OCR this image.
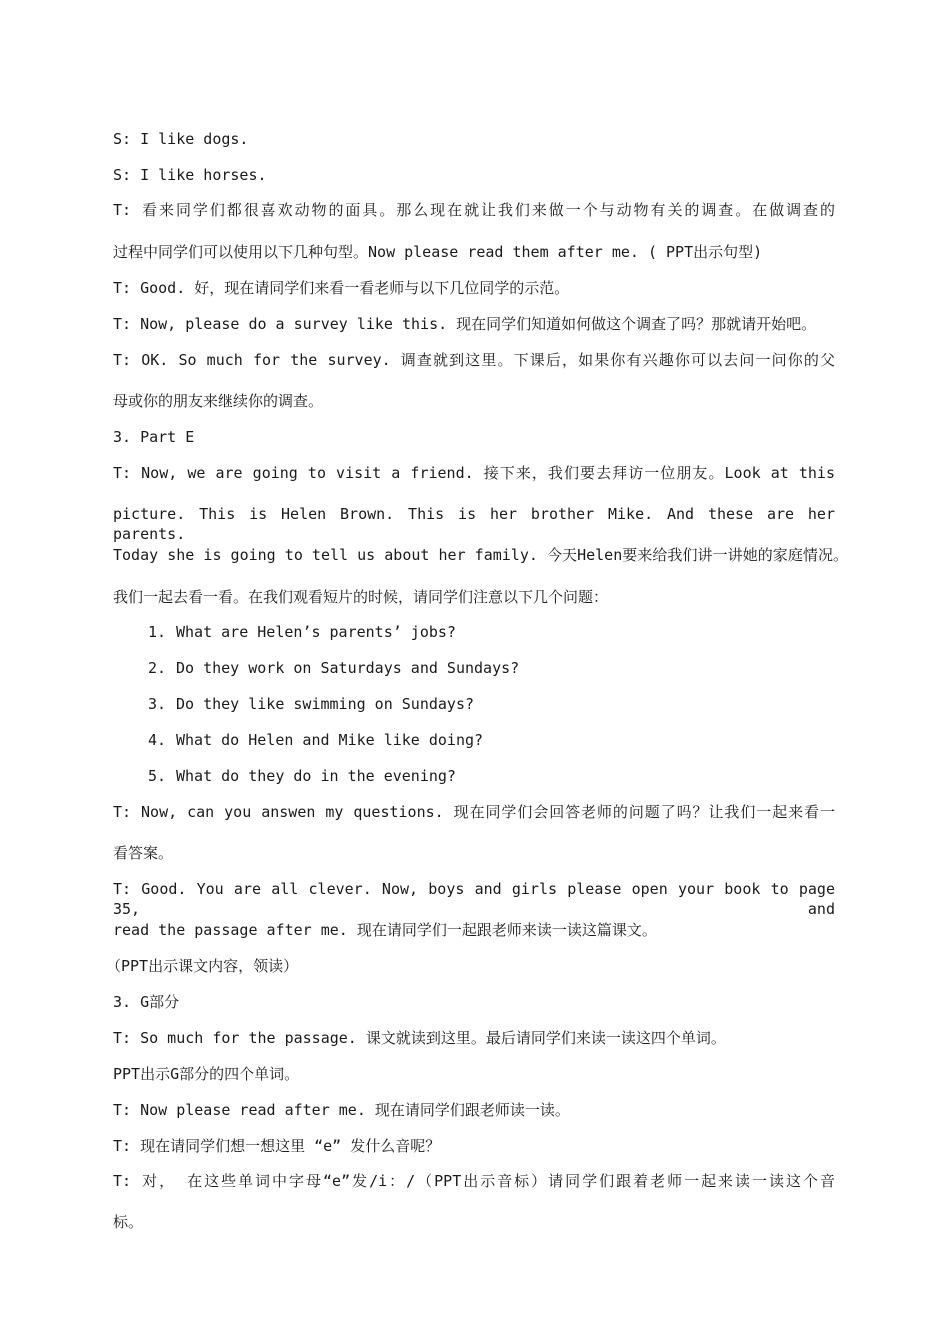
S: I like dogs.
S: I like horses.
T: 看来同学们都很喜欢动物的面具。那么现在就让我们来做一个与动物有关的调查。在做调查的
过程中同学们可以使用以下几种句型。Now please read them after me. ( PPT出示句型)
T: Good. 好，现在请同学们来看一看老师与以下几位同学的示范。
T: Now, please do a survey like this. 现在同学们知道如何做这个调查了吗？那就请开始吧。
T: OK. So much for the survey. 调查就到这里。下课后，如果你有兴趣你可以去问一问你的父
母或你的朋友来继续你的调查。
3. Part E
T: Now, we are going to visit a friend. 接下来，我们要去拜访一位朋友。Look at this
picture. This is Helen Brown. This is her brother Mike. And these are her parents.
Today she is going to tell us about her family. 今天Helen要来给我们讲一讲她的家庭情况。
我们一起去看一看。在我们观看短片的时候，请同学们注意以下几个问题：
1. What are Helen’s parents’ jobs?
2. Do they work on Saturdays and Sundays?
3. Do they like swimming on Sundays?
4. What do Helen and Mike like doing?
5. What do they do in the evening?
T: Now, can you answen my questions. 现在同学们会回答老师的问题了吗？让我们一起来看一
看答案。
T: Good. You are all clever. Now, boys and girls please open your book to page 35, and
read the passage after me. 现在请同学们一起跟老师来读一读这篇课文。
（PPT出示课文内容，领读）
3. G部分
T: So much for the passage. 课文就读到这里。最后请同学们来读一读这四个单词。
PPT出示G部分的四个单词。
T: Now please read after me. 现在请同学们跟老师读一读。
T: 现在请同学们想一想这里 “e” 发什么音呢？
T: 对， 在这些单词中字母“e”发/i：/（PPT出示音标）请同学们跟着老师一起来读一读这个音
标。
